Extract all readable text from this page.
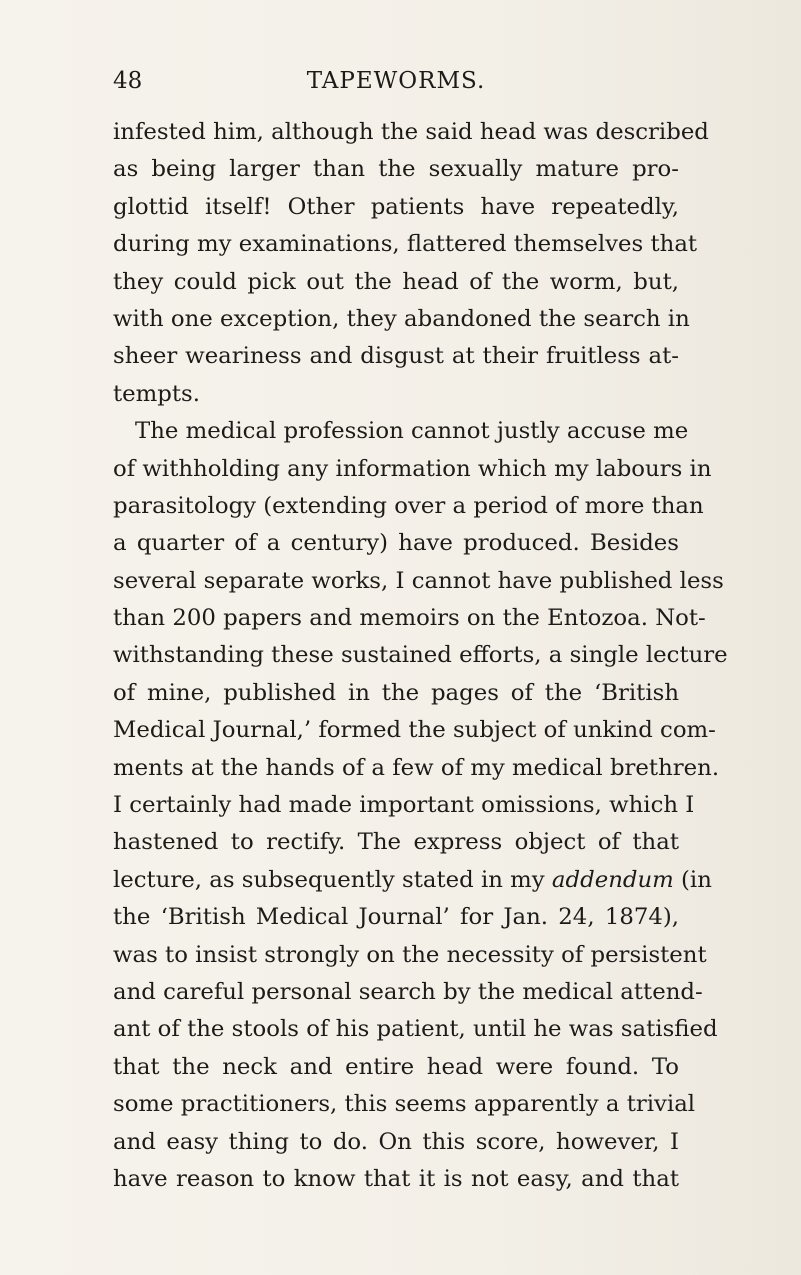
48	TAPEWORMS.
infested him, although the said head was described
as being larger than the sexually mature pro-
glottid itself! Other patients have repeatedly,
during my examinations, flattered themselves that
they could pick out the head of the worm, but,
with one exception, they abandoned the search in
sheer weariness and disgust at their fruitless at-
tempts.
The medical profession cannot justly accuse me
of withholding any information which my labours in
parasitology (extending over a period of more than
a quarter of a century) have produced. Besides
several separate works, I cannot have published less
than 200 papers and memoirs on the Entozoa. Not-
withstanding these sustained efforts, a single lecture
of mine, published in the pages of the ‘British
Medical Journal,’ formed the subject of unkind com-
ments at the hands of a few of my medical brethren.
I certainly had made important omissions, which I
hastened to rectify. The express object of that
lecture, as subsequently stated in my addendum (in
the ‘British Medical Journal’ for Jan. 24, 1874),
was to insist strongly on the necessity of persistent
and careful personal search by the medical attend-
ant of the stools of his patient, until he was satisfied
that the neck and entire head were found. To
some practitioners, this seems apparently a trivial
and easy thing to do. On this score, however, I
have reason to know that it is not easy, and that
